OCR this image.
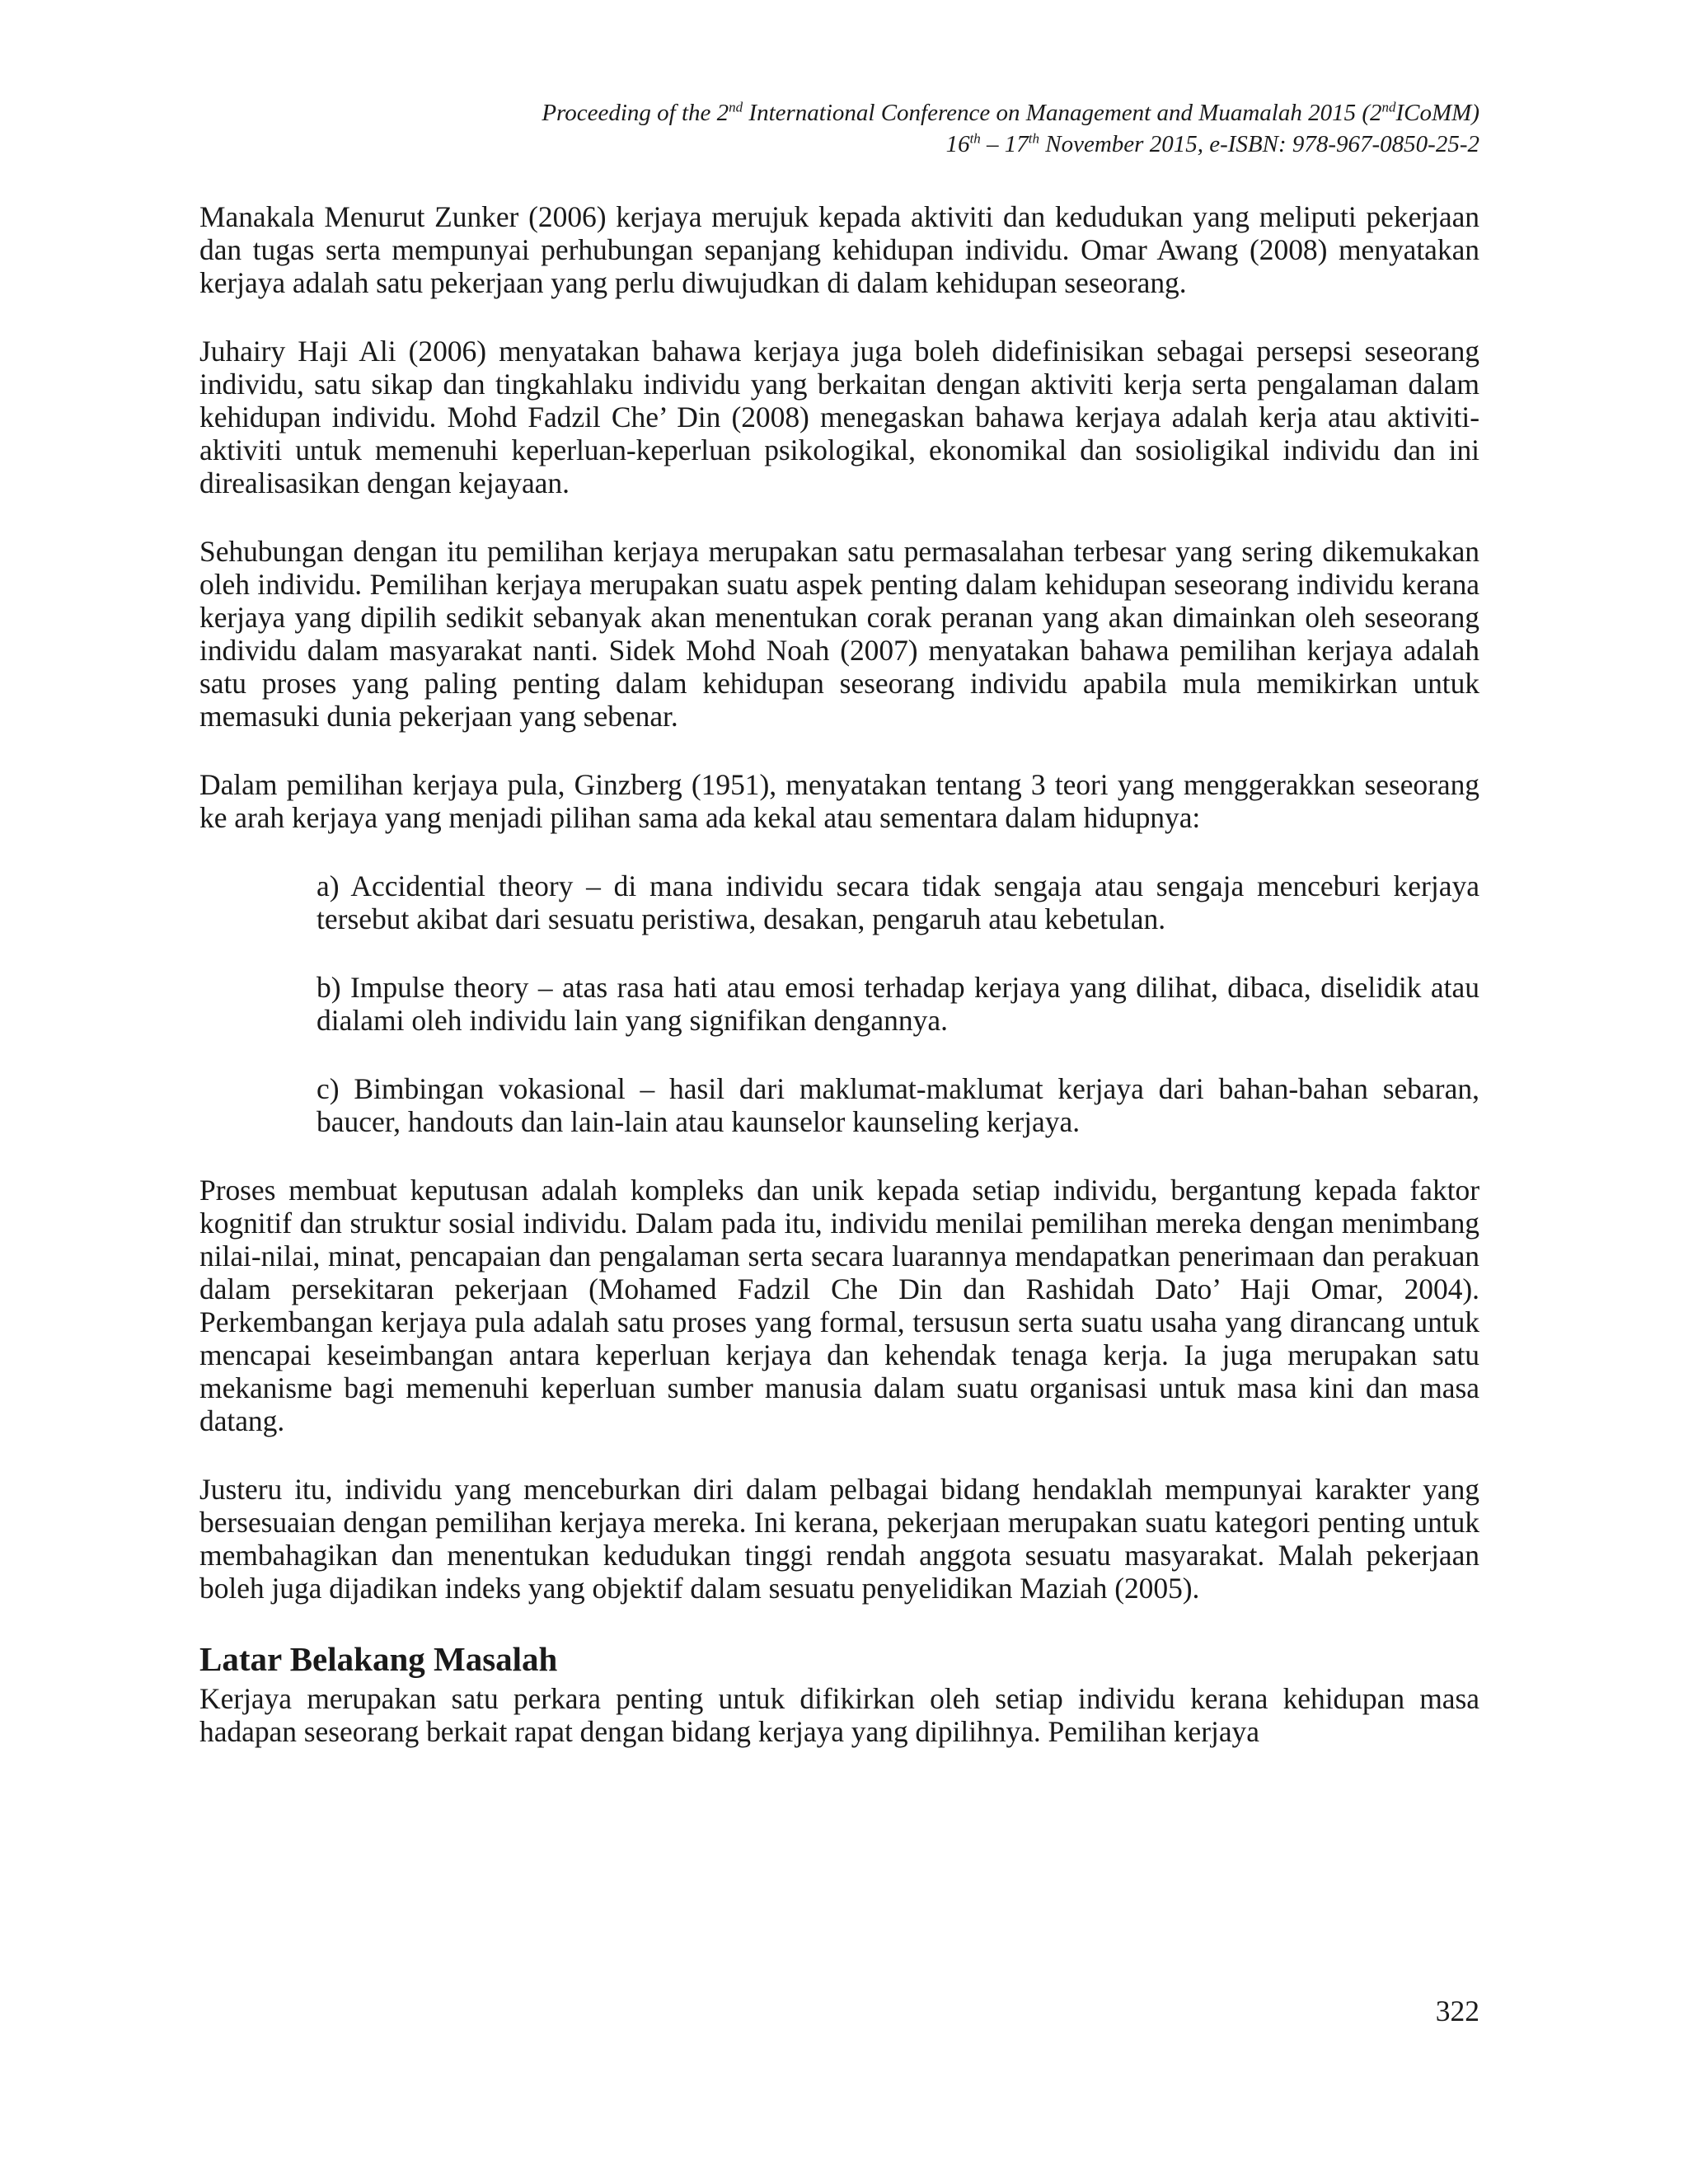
Proceeding of the 2nd International Conference on Management and Muamalah 2015 (2ndICoMM)
16th – 17th November 2015, e-ISBN: 978-967-0850-25-2

Manakala Menurut Zunker (2006) kerjaya merujuk kepada aktiviti dan kedudukan yang meliputi pekerjaan dan tugas serta mempunyai perhubungan sepanjang kehidupan individu. Omar Awang (2008) menyatakan kerjaya adalah satu pekerjaan yang perlu diwujudkan di dalam kehidupan seseorang.

Juhairy Haji Ali (2006) menyatakan bahawa kerjaya juga boleh didefinisikan sebagai persepsi seseorang individu, satu sikap dan tingkahlaku individu yang berkaitan dengan aktiviti kerja serta pengalaman dalam kehidupan individu. Mohd Fadzil Che’ Din (2008) menegaskan bahawa kerjaya adalah kerja atau aktiviti-aktiviti untuk memenuhi keperluan-keperluan psikologikal, ekonomikal dan sosioligikal individu dan ini direalisasikan dengan kejayaan.

Sehubungan dengan itu pemilihan kerjaya merupakan satu permasalahan terbesar yang sering dikemukakan oleh individu. Pemilihan kerjaya merupakan suatu aspek penting dalam kehidupan seseorang individu kerana kerjaya yang dipilih sedikit sebanyak akan menentukan corak peranan yang akan dimainkan oleh seseorang individu dalam masyarakat nanti. Sidek Mohd Noah (2007) menyatakan bahawa pemilihan kerjaya adalah satu proses yang paling penting dalam kehidupan seseorang individu apabila mula memikirkan untuk memasuki dunia pekerjaan yang sebenar.

Dalam pemilihan kerjaya pula, Ginzberg (1951), menyatakan tentang 3 teori yang menggerakkan seseorang ke arah kerjaya yang menjadi pilihan sama ada kekal atau sementara dalam hidupnya:

a) Accidential theory – di mana individu secara tidak sengaja atau sengaja menceburi kerjaya tersebut akibat dari sesuatu peristiwa, desakan, pengaruh atau kebetulan.

b) Impulse theory – atas rasa hati atau emosi terhadap kerjaya yang dilihat, dibaca, diselidik atau dialami oleh individu lain yang signifikan dengannya.

c) Bimbingan vokasional – hasil dari maklumat-maklumat kerjaya dari bahan-bahan sebaran, baucer, handouts dan lain-lain atau kaunselor kaunseling kerjaya.

Proses membuat keputusan adalah kompleks dan unik kepada setiap individu, bergantung kepada faktor kognitif dan struktur sosial individu. Dalam pada itu, individu menilai pemilihan mereka dengan menimbang nilai-nilai, minat, pencapaian dan pengalaman serta secara luarannya mendapatkan penerimaan dan perakuan dalam persekitaran pekerjaan (Mohamed Fadzil Che Din dan Rashidah Dato’ Haji Omar, 2004). Perkembangan kerjaya pula adalah satu proses yang formal, tersusun serta suatu usaha yang dirancang untuk mencapai keseimbangan antara keperluan kerjaya dan kehendak tenaga kerja. Ia juga merupakan satu mekanisme bagi memenuhi keperluan sumber manusia dalam suatu organisasi untuk masa kini dan masa datang.

Justeru itu, individu yang menceburkan diri dalam pelbagai bidang hendaklah mempunyai karakter yang bersesuaian dengan pemilihan kerjaya mereka. Ini kerana, pekerjaan merupakan suatu kategori penting untuk membahagikan dan menentukan kedudukan tinggi rendah anggota sesuatu masyarakat. Malah pekerjaan boleh juga dijadikan indeks yang objektif dalam sesuatu penyelidikan Maziah (2005).

Latar Belakang Masalah

Kerjaya merupakan satu perkara penting untuk difikirkan oleh setiap individu kerana kehidupan masa hadapan seseorang berkait rapat dengan bidang kerjaya yang dipilihnya. Pemilihan kerjaya

322
